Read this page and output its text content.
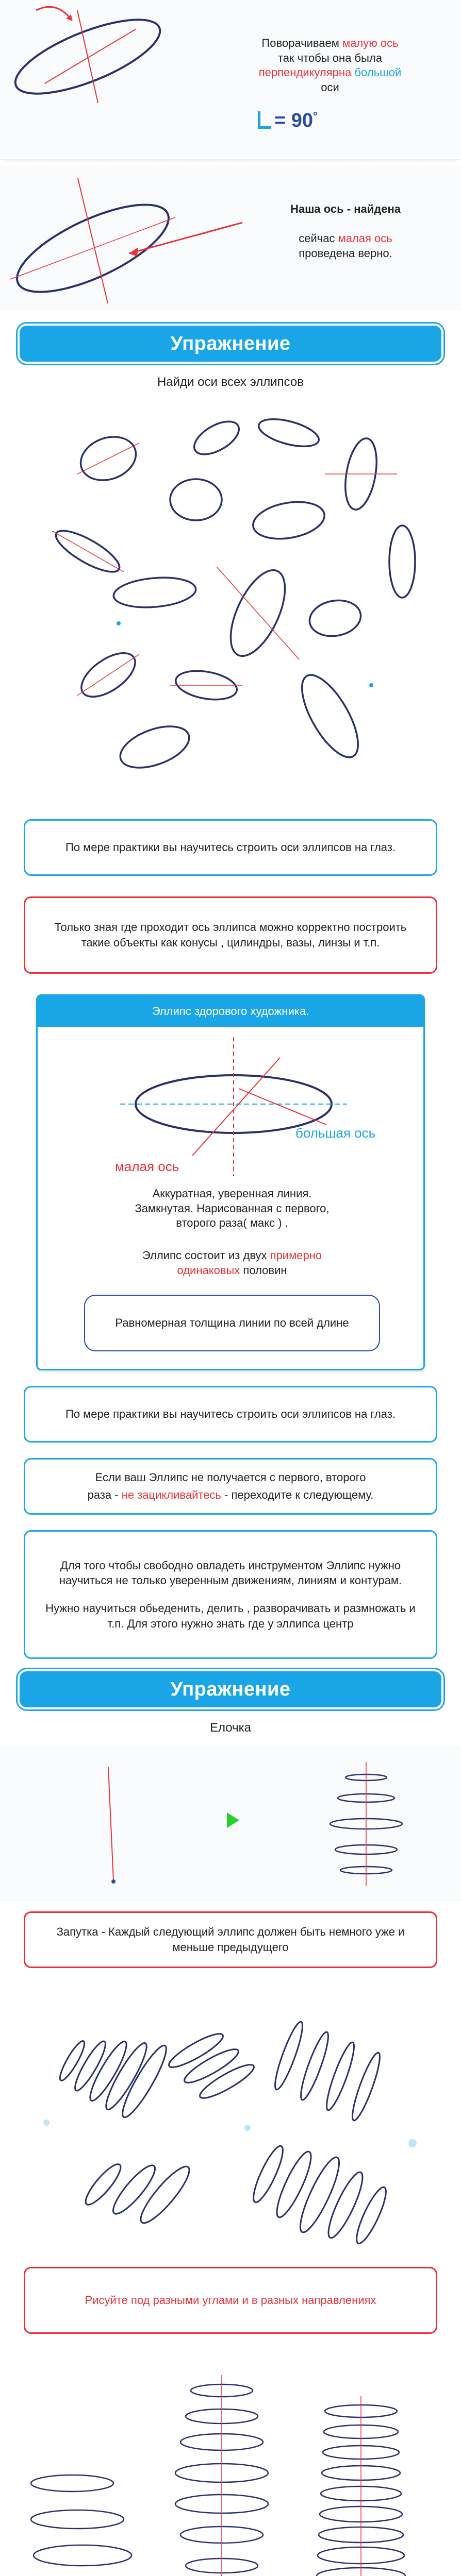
Поворачиваем малую ось
так чтобы она была
перпендикулярна большой
оси
= 90°
Наша ось - найдена

сейчас малая ось
проведена верно.
Упражнение
Найди оси всех эллипсов

По мере практики вы научитесь строить оси эллипсов на глаз.

Только зная где проходит ось эллипса можно корректно построить такие объекты как конусы , цилиндры, вазы, линзы и т.п.

Эллипс здорового художника.
малая ось
большая ось
Аккуратная, уверенная линия.
Замкнутая. Нарисованная с первого,
второго раза( макс ) .
Эллипс состоит из двух примерно
одинаковых половин
Равномерная толщина линии по всей длине

По мере практики вы научитесь строить оси эллипсов на глаз.

Если ваш Эллипс не получается с первого, второго

раза - не зацикливайтесь - переходите к следующему.

Для того чтобы свободно овладеть инструментом Эллипс нужно научиться не только уверенным движениям, линиям и контурам.

Нужно научиться обьеденить, делить , разворачивать и размножать и т.п. Для этого нужно знать где у эллипса центр

Упражнение
Елочка

Запутка - Каждый следующий эллипс должен быть немного уже и меньше предыдущего

Рисуйте под разными углами и в разных направлениях
